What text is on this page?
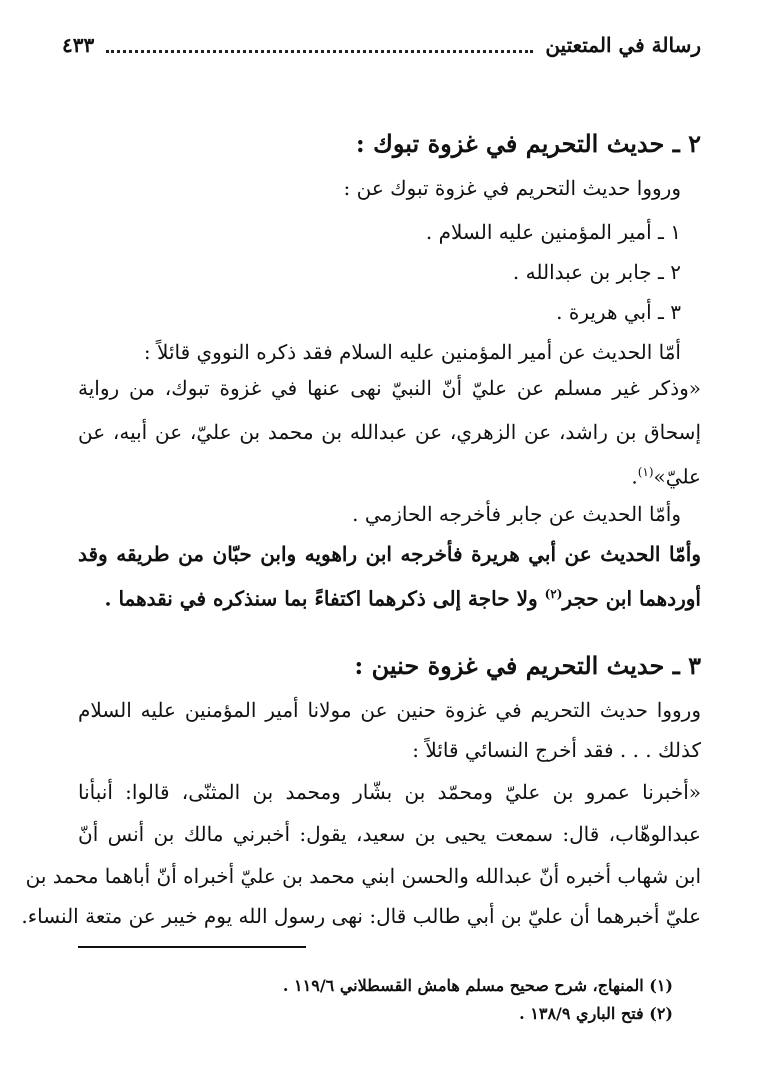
رسالة في المتعتين
٤٣٣
٢ ـ حديث التحريم في غزوة تبوك :
ورووا حديث التحريم في غزوة تبوك عن :
١ ـ أمير المؤمنين عليه السلام .
٢ ـ جابر بن عبدالله .
٣ ـ أبي هريرة .
أمّا الحديث عن أمير المؤمنين عليه السلام فقد ذكره النووي قائلاً :
«وذكر غير مسلم عن عليّ أنّ النبيّ نهى عنها في غزوة تبوك، من رواية
إسحاق بن راشد، عن الزهري، عن عبدالله بن محمد بن عليّ، عن أبيه، عن
عليّ»$^{(١)}$.
وأمّا الحديث عن جابر فأخرجه الحازمي .
وأمّا الحديث عن أبي هريرة فأخرجه ابن راهويه وابن حبّان من طريقه وقد
أوردهما ابن حجر$^{(٢)}$ ولا حاجة إلى ذكرهما اكتفاءً بما سنذكره في نقدهما .
٣ ـ حديث التحريم في غزوة حنين :
ورووا حديث التحريم في غزوة حنين عن مولانا أمير المؤمنين عليه السلام
كذلك . . . فقد أخرج النسائي قائلاً :
«أخبرنا عمرو بن عليّ ومحمّد بن بشّار ومحمد بن المثنّى، قالوا: أنبأنا
عبدالوهّاب، قال: سمعت يحيى بن سعيد، يقول: أخبرني مالك بن أنس أنّ
ابن شهاب أخبره أنّ عبدالله والحسن ابني محمد بن عليّ أخبراه أنّ أباهما محمد بن
عليّ أخبرهما أن عليّ بن أبي طالب قال: نهى رسول الله يوم خيبر عن متعة النساء.
(١) المنهاج، شرح صحيح مسلم هامش القسطلاني ١١٩/٦ .
(٢) فتح الباري ١٣٨/٩ .
